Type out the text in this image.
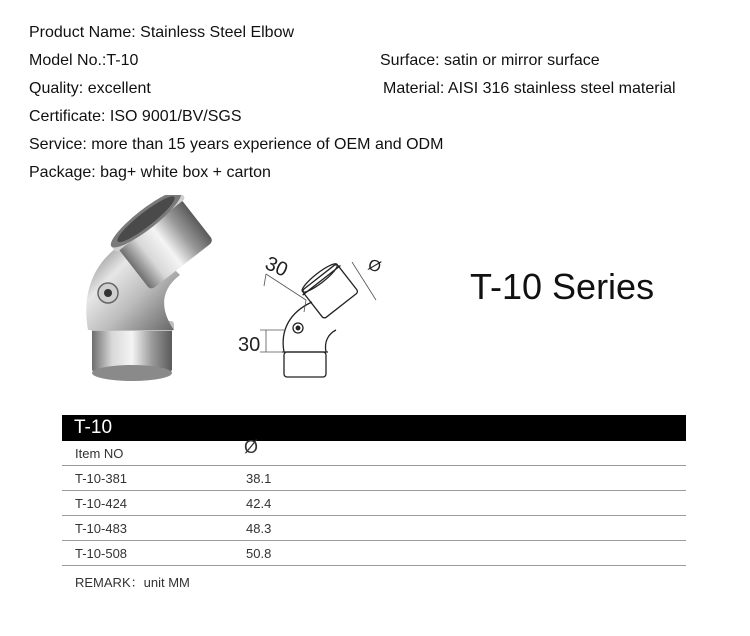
Product Name: Stainless Steel Elbow
Model No.:T-10	Surface: satin or mirror surface
Quality: excellent	Material: AISI 316 stainless steel material
Certificate: ISO 9001/BV/SGS
Service: more than 15 years experience of OEM and ODM
Package: bag+ white box + carton
30
30
Ø T-10 Series
T-10
Item NO	Ø
T-10-381	38.1
T-10-424	42.4
T-10-483	48.3
T-10-508	50.8
REMARK：unit MM
